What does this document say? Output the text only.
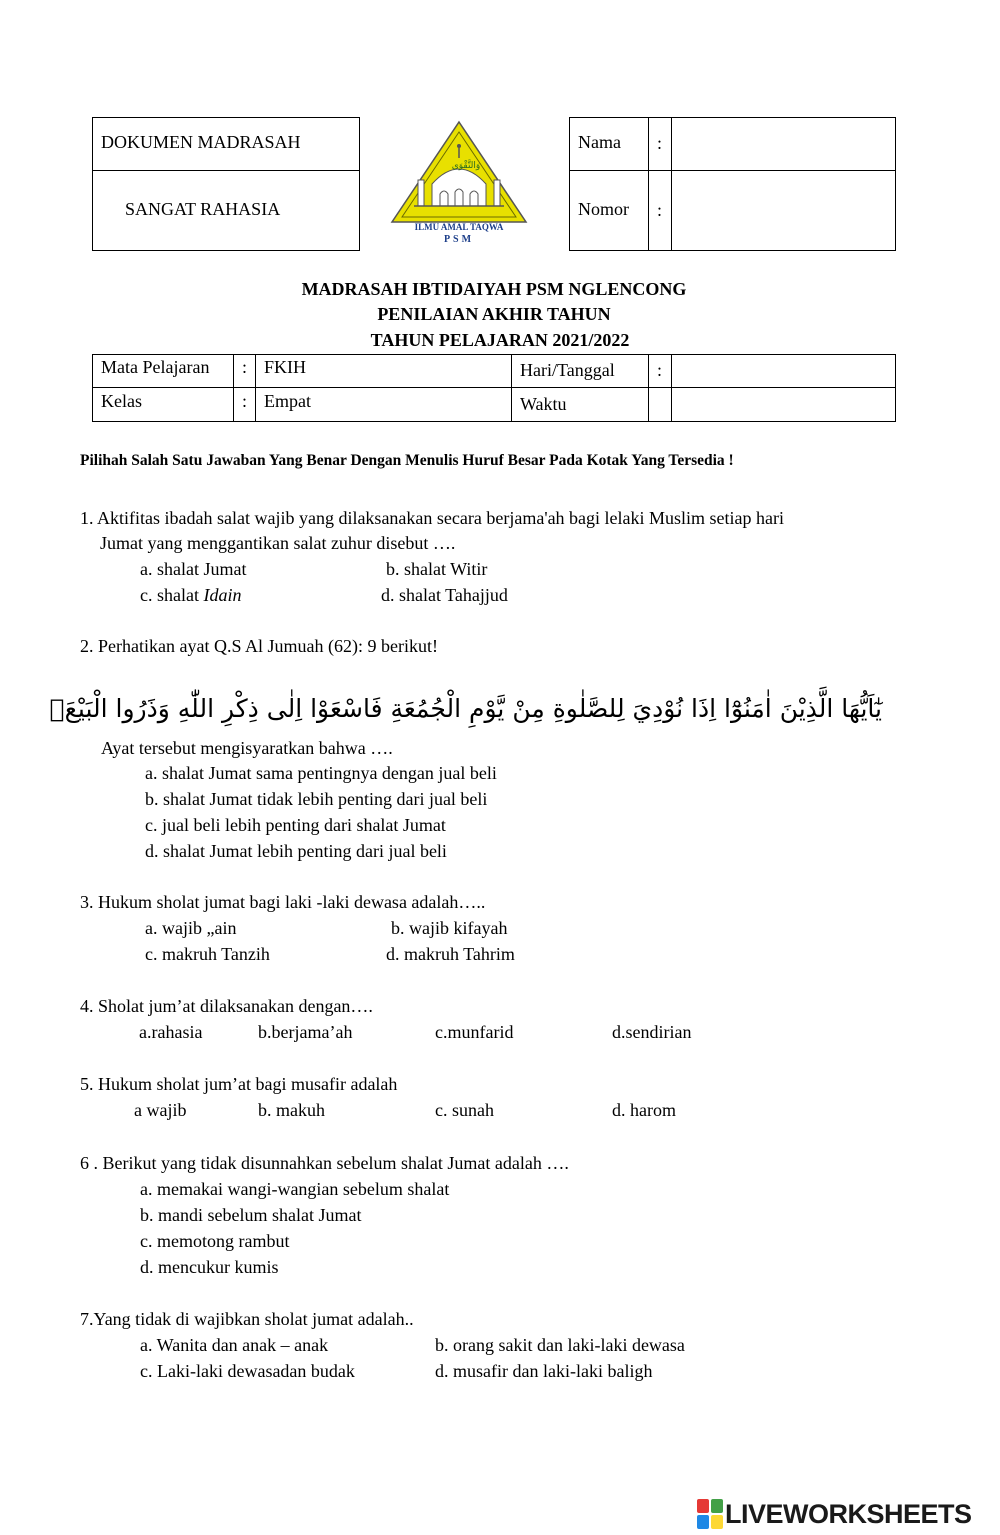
DOKUMEN MADRASAH
SANGAT RAHASIA
وَالتَّقْوَى
ILMU AMAL TAQWA
PSM
Nama :
Nomor :
MADRASAH IBTIDAIYAH PSM NGLENCONG
PENILAIAN AKHIR TAHUN
TAHUN PELAJARAN 2021/2022
Mata Pelajaran : FKIH	Hari/Tanggal :
Kelas	: Empat	Waktu
Pilihah Salah Satu Jawaban Yang Benar Dengan Menulis Huruf Besar Pada Kotak Yang Tersedia !
1. Aktifitas ibadah salat wajib yang dilaksanakan secara berjama'ah bagi lelaki Muslim setiap hari
Jumat yang menggantikan salat zuhur disebut ….
a. shalat Jumat	b. shalat Witir
c. shalat Idain	d. shalat Tahajjud
2. Perhatikan ayat Q.S Al Jumuah (62): 9 berikut!
يٰٓاَيُّهَا الَّذِيْنَ اٰمَنُوْٓا اِذَا نُوْدِيَ لِلصَّلٰوةِ مِنْ يَّوْمِ الْجُمُعَةِ فَاسْعَوْا اِلٰى ذِكْرِ اللّٰهِ وَذَرُوا الْبَيْعَۗ
Ayat tersebut mengisyaratkan bahwa ….
a. shalat Jumat sama pentingnya dengan jual beli
b. shalat Jumat tidak lebih penting dari jual beli
c. jual beli lebih penting dari shalat Jumat
d. shalat Jumat lebih penting dari jual beli
3. Hukum sholat jumat bagi laki -laki dewasa adalah…..
a. wajib „ain	b. wajib kifayah
c. makruh Tanzih	d. makruh Tahrim
4. Sholat jum’at dilaksanakan dengan….
a.rahasia	b.berjama’ah	c.munfarid	d.sendirian
5. Hukum sholat jum’at bagi musafir adalah
a wajib	b. makuh	c. sunah	d. harom
6 . Berikut yang tidak disunnahkan sebelum shalat Jumat adalah ….
a. memakai wangi-wangian sebelum shalat
b. mandi sebelum shalat Jumat
c. memotong rambut
d. mencukur kumis
7.Yang tidak di wajibkan sholat jumat adalah..
a. Wanita dan anak – anak	b. orang sakit dan laki-laki dewasa
c. Laki-laki dewasadan budak	d. musafir dan laki-laki baligh
LIVEWORKSHEETS
